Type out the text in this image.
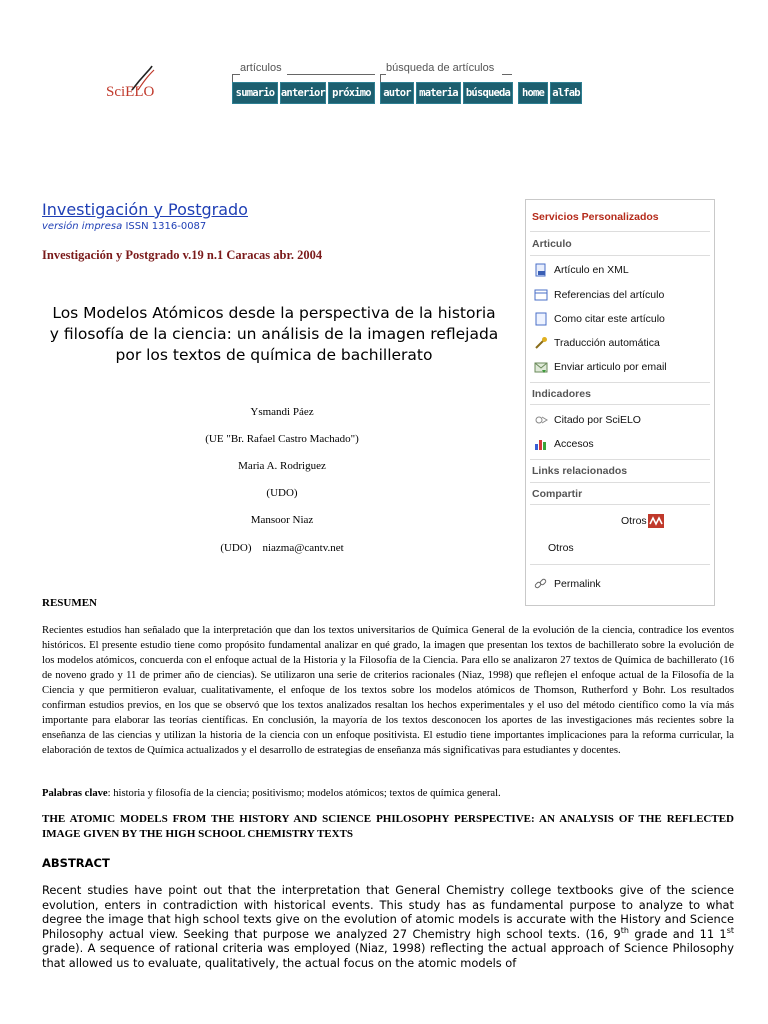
SciELO
artículos	búsqueda de artículos
sumario anterior próximo	autor materia búsqueda	home alfab
Investigación y Postgrado
versión impresa ISSN 1316-0087
Investigación y Postgrado v.19 n.1 Caracas abr. 2004
Los Modelos Atómicos desde la perspectiva de la historia y filosofía de la ciencia: un análisis de la imagen reflejada por los textos de química de bachillerato
Ysmandi Páez
(UE "Br. Rafael Castro Machado")
Maria A. Rodriguez
(UDO)
Mansoor Niaz
(UDO)    niazma@cantv.net
Servicios Personalizados
Articulo
Artículo en XML
Referencias del artículo
Como citar este artículo
Traducción automática
Enviar articulo por email
Indicadores
Citado por SciELO
Accesos
Links relacionados
Compartir
Otros
Otros
Permalink
RESUMEN
Recientes estudios han señalado que la interpretación que dan los textos universitarios de Química General de la evolución de la ciencia, contradice los eventos históricos. El presente estudio tiene como propósito fundamental analizar en qué grado, la imagen que presentan los textos de bachillerato sobre la evolución de los modelos atómicos, concuerda con el enfoque actual de la Historia y la Filosofía de la Ciencia. Para ello se analizaron 27 textos de Química de bachillerato (16 de noveno grado y 11 de primer año de ciencias). Se utilizaron una serie de criterios racionales (Niaz, 1998) que reflejen el enfoque actual de la Filosofía de la Ciencia y que permitieron evaluar, cualitativamente, el enfoque de los textos sobre los modelos atómicos de Thomson, Rutherford y Bohr. Los resultados confirman estudios previos, en los que se observó que los textos analizados resaltan los hechos experimentales y el uso del método científico como la vía más importante para elaborar las teorías científicas. En conclusión, la mayoría de los textos desconocen los aportes de las investigaciones más recientes sobre la enseñanza de las ciencias y utilizan la historia de la ciencia con un enfoque positivista. El estudio tiene importantes implicaciones para la reforma curricular, la elaboración de textos de Química actualizados y el desarrollo de estrategias de enseñanza más significativas para estudiantes y docentes.
Palabras clave: historia y filosofía de la ciencia; positivismo; modelos atómicos; textos de química general.
THE ATOMIC MODELS FROM THE HISTORY AND SCIENCE PHILOSOPHY PERSPECTIVE: AN ANALYSIS OF THE REFLECTED IMAGE GIVEN BY THE HIGH SCHOOL CHEMISTRY TEXTS
ABSTRACT
Recent studies have point out that the interpretation that General Chemistry college textbooks give of the science evolution, enters in contradiction with historical events. This study has as fundamental purpose to analyze to what degree the image that high school texts give on the evolution of atomic models is accurate with the History and Science Philosophy actual view. Seeking that purpose we analyzed 27 Chemistry high school texts. (16, 9th grade and 11 1st grade). A sequence of rational criteria was employed (Niaz, 1998) reflecting the actual approach of Science Philosophy that allowed us to evaluate, qualitatively, the actual focus on the atomic models of
